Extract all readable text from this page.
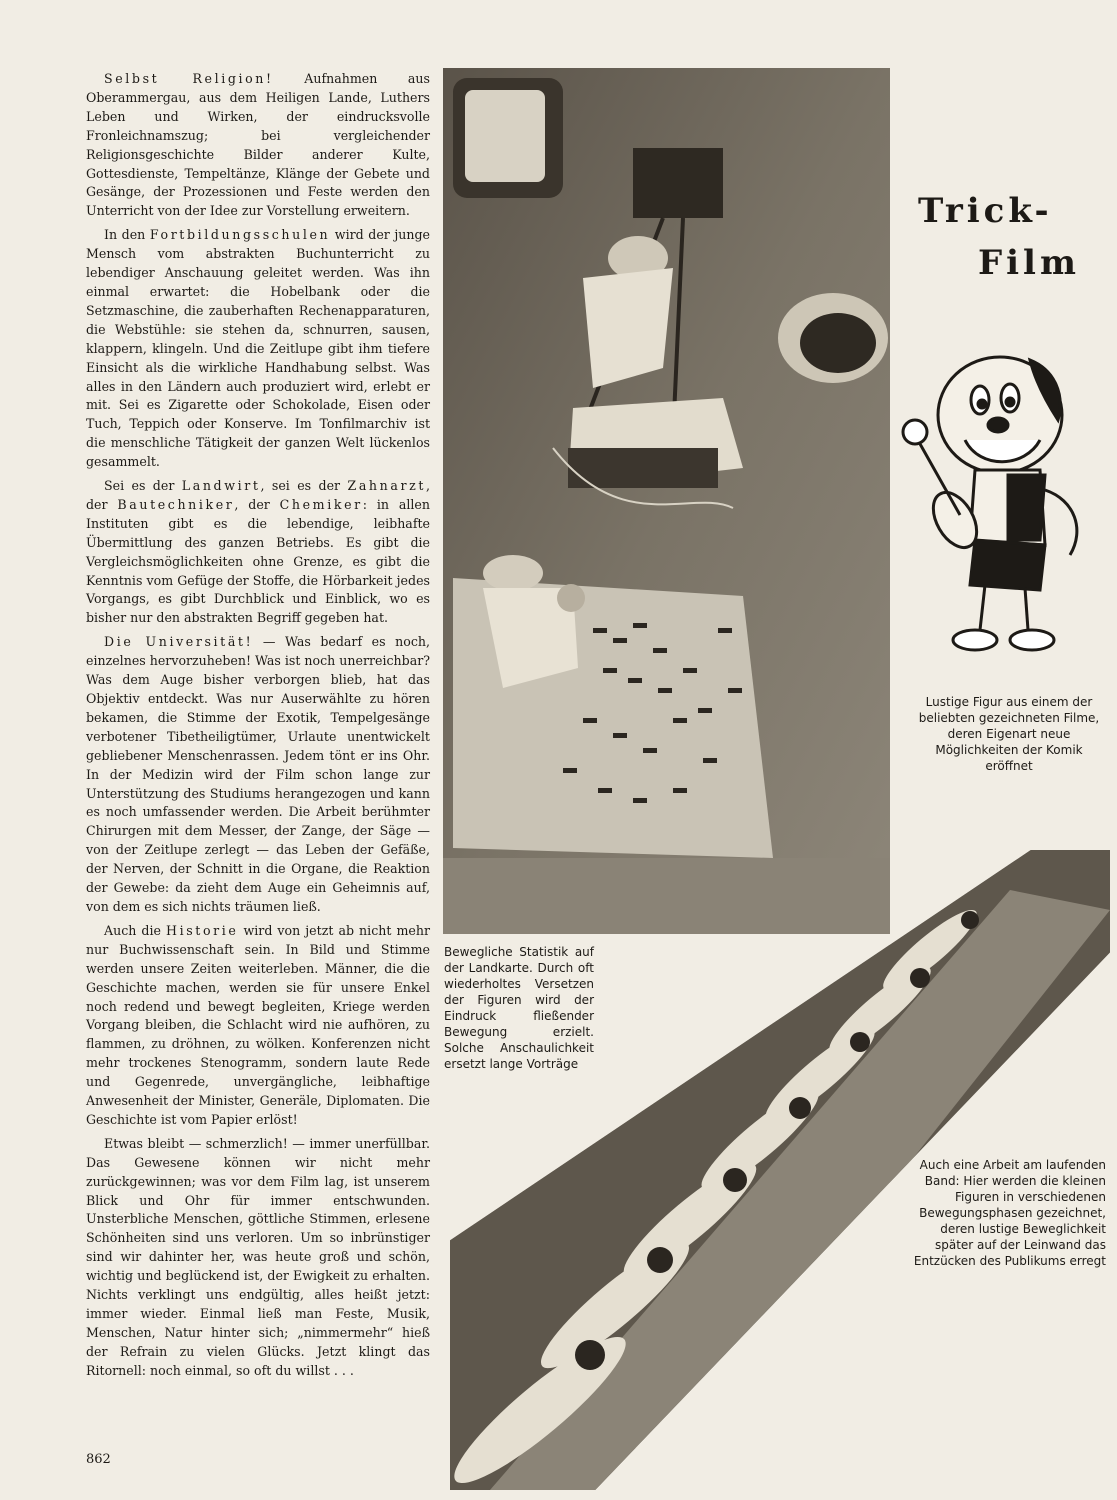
Selbst Religion! Aufnahmen aus Oberammergau, aus dem Heiligen Lande, Luthers Leben und Wirken, der eindrucksvolle Fronleichnamszug; bei vergleichender Religionsgeschichte Bilder anderer Kulte, Gottesdienste, Tempeltänze, Klänge der Gebete und Gesänge, der Prozessionen und Feste werden den Unterricht von der Idee zur Vorstellung erweitern.

In den Fortbildungsschulen wird der junge Mensch vom abstrakten Buchunterricht zu lebendiger Anschauung geleitet werden. Was ihn einmal erwartet: die Hobelbank oder die Setzmaschine, die zauberhaften Rechenapparaturen, die Webstühle: sie stehen da, schnurren, sausen, klappern, klingeln. Und die Zeitlupe gibt ihm tiefere Einsicht als die wirkliche Handhabung selbst. Was alles in den Ländern auch produziert wird, erlebt er mit. Sei es Zigarette oder Schokolade, Eisen oder Tuch, Teppich oder Konserve. Im Tonfilmarchiv ist die menschliche Tätigkeit der ganzen Welt lückenlos gesammelt.

Sei es der Landwirt, sei es der Zahnarzt, der Bautechniker, der Chemiker: in allen Instituten gibt es die lebendige, leibhafte Übermittlung des ganzen Betriebs. Es gibt die Vergleichsmöglichkeiten ohne Grenze, es gibt die Kenntnis vom Gefüge der Stoffe, die Hörbarkeit jedes Vorgangs, es gibt Durchblick und Einblick, wo es bisher nur den abstrakten Begriff gegeben hat.

Die Universität! — Was bedarf es noch, einzelnes hervorzuheben! Was ist noch unerreichbar? Was dem Auge bisher verborgen blieb, hat das Objektiv entdeckt. Was nur Auserwählte zu hören bekamen, die Stimme der Exotik, Tempelgesänge verbotener Tibetheiligtümer, Urlaute unentwickelt gebliebener Menschenrassen. Jedem tönt er ins Ohr. In der Medizin wird der Film schon lange zur Unterstützung des Studiums herangezogen und kann es noch umfassender werden. Die Arbeit berühmter Chirurgen mit dem Messer, der Zange, der Säge — von der Zeitlupe zerlegt — das Leben der Gefäße, der Nerven, der Schnitt in die Organe, die Reaktion der Gewebe: da zieht dem Auge ein Geheimnis auf, von dem es sich nichts träumen ließ.

Auch die Historie wird von jetzt ab nicht mehr nur Buchwissenschaft sein. In Bild und Stimme werden unsere Zeiten weiterleben. Männer, die die Geschichte machen, werden sie für unsere Enkel noch redend und bewegt begleiten, Kriege werden Vorgang bleiben, die Schlacht wird nie aufhören, zu flammen, zu dröhnen, zu wölken. Konferenzen nicht mehr trockenes Stenogramm, sondern laute Rede und Gegenrede, unvergängliche, leibhaftige Anwesenheit der Minister, Generäle, Diplomaten. Die Geschichte ist vom Papier erlöst!

Etwas bleibt — schmerzlich! — immer unerfüllbar. Das Gewesene können wir nicht mehr zurückgewinnen; was vor dem Film lag, ist unserem Blick und Ohr für immer entschwunden. Unsterbliche Menschen, göttliche Stimmen, erlesene Schönheiten sind uns verloren. Um so inbrünstiger sind wir dahinter her, was heute groß und schön, wichtig und beglückend ist, der Ewigkeit zu erhalten. Nichts verklingt uns endgültig, alles heißt jetzt: immer wieder. Einmal ließ man Feste, Musik, Menschen, Natur hinter sich; „nimmermehr“ hieß der Refrain zu vielen Glücks. Jetzt klingt das Ritornell: noch einmal, so oft du willst . . .

Bewegliche Statistik auf der Landkarte. Durch oft wiederholtes Versetzen der Figuren wird der Eindruck fließender Bewegung erzielt. Solche Anschaulichkeit ersetzt lange Vorträge
Trick-
Film
Lustige Figur aus einem der beliebten gezeichneten Filme, deren Eigenart neue Möglichkeiten der Komik eröffnet
Auch eine Arbeit am laufenden Band: Hier werden die kleinen Figuren in verschiedenen Bewegungsphasen gezeichnet, deren lustige Beweglichkeit später auf der Leinwand das Entzücken des Publikums erregt
862
